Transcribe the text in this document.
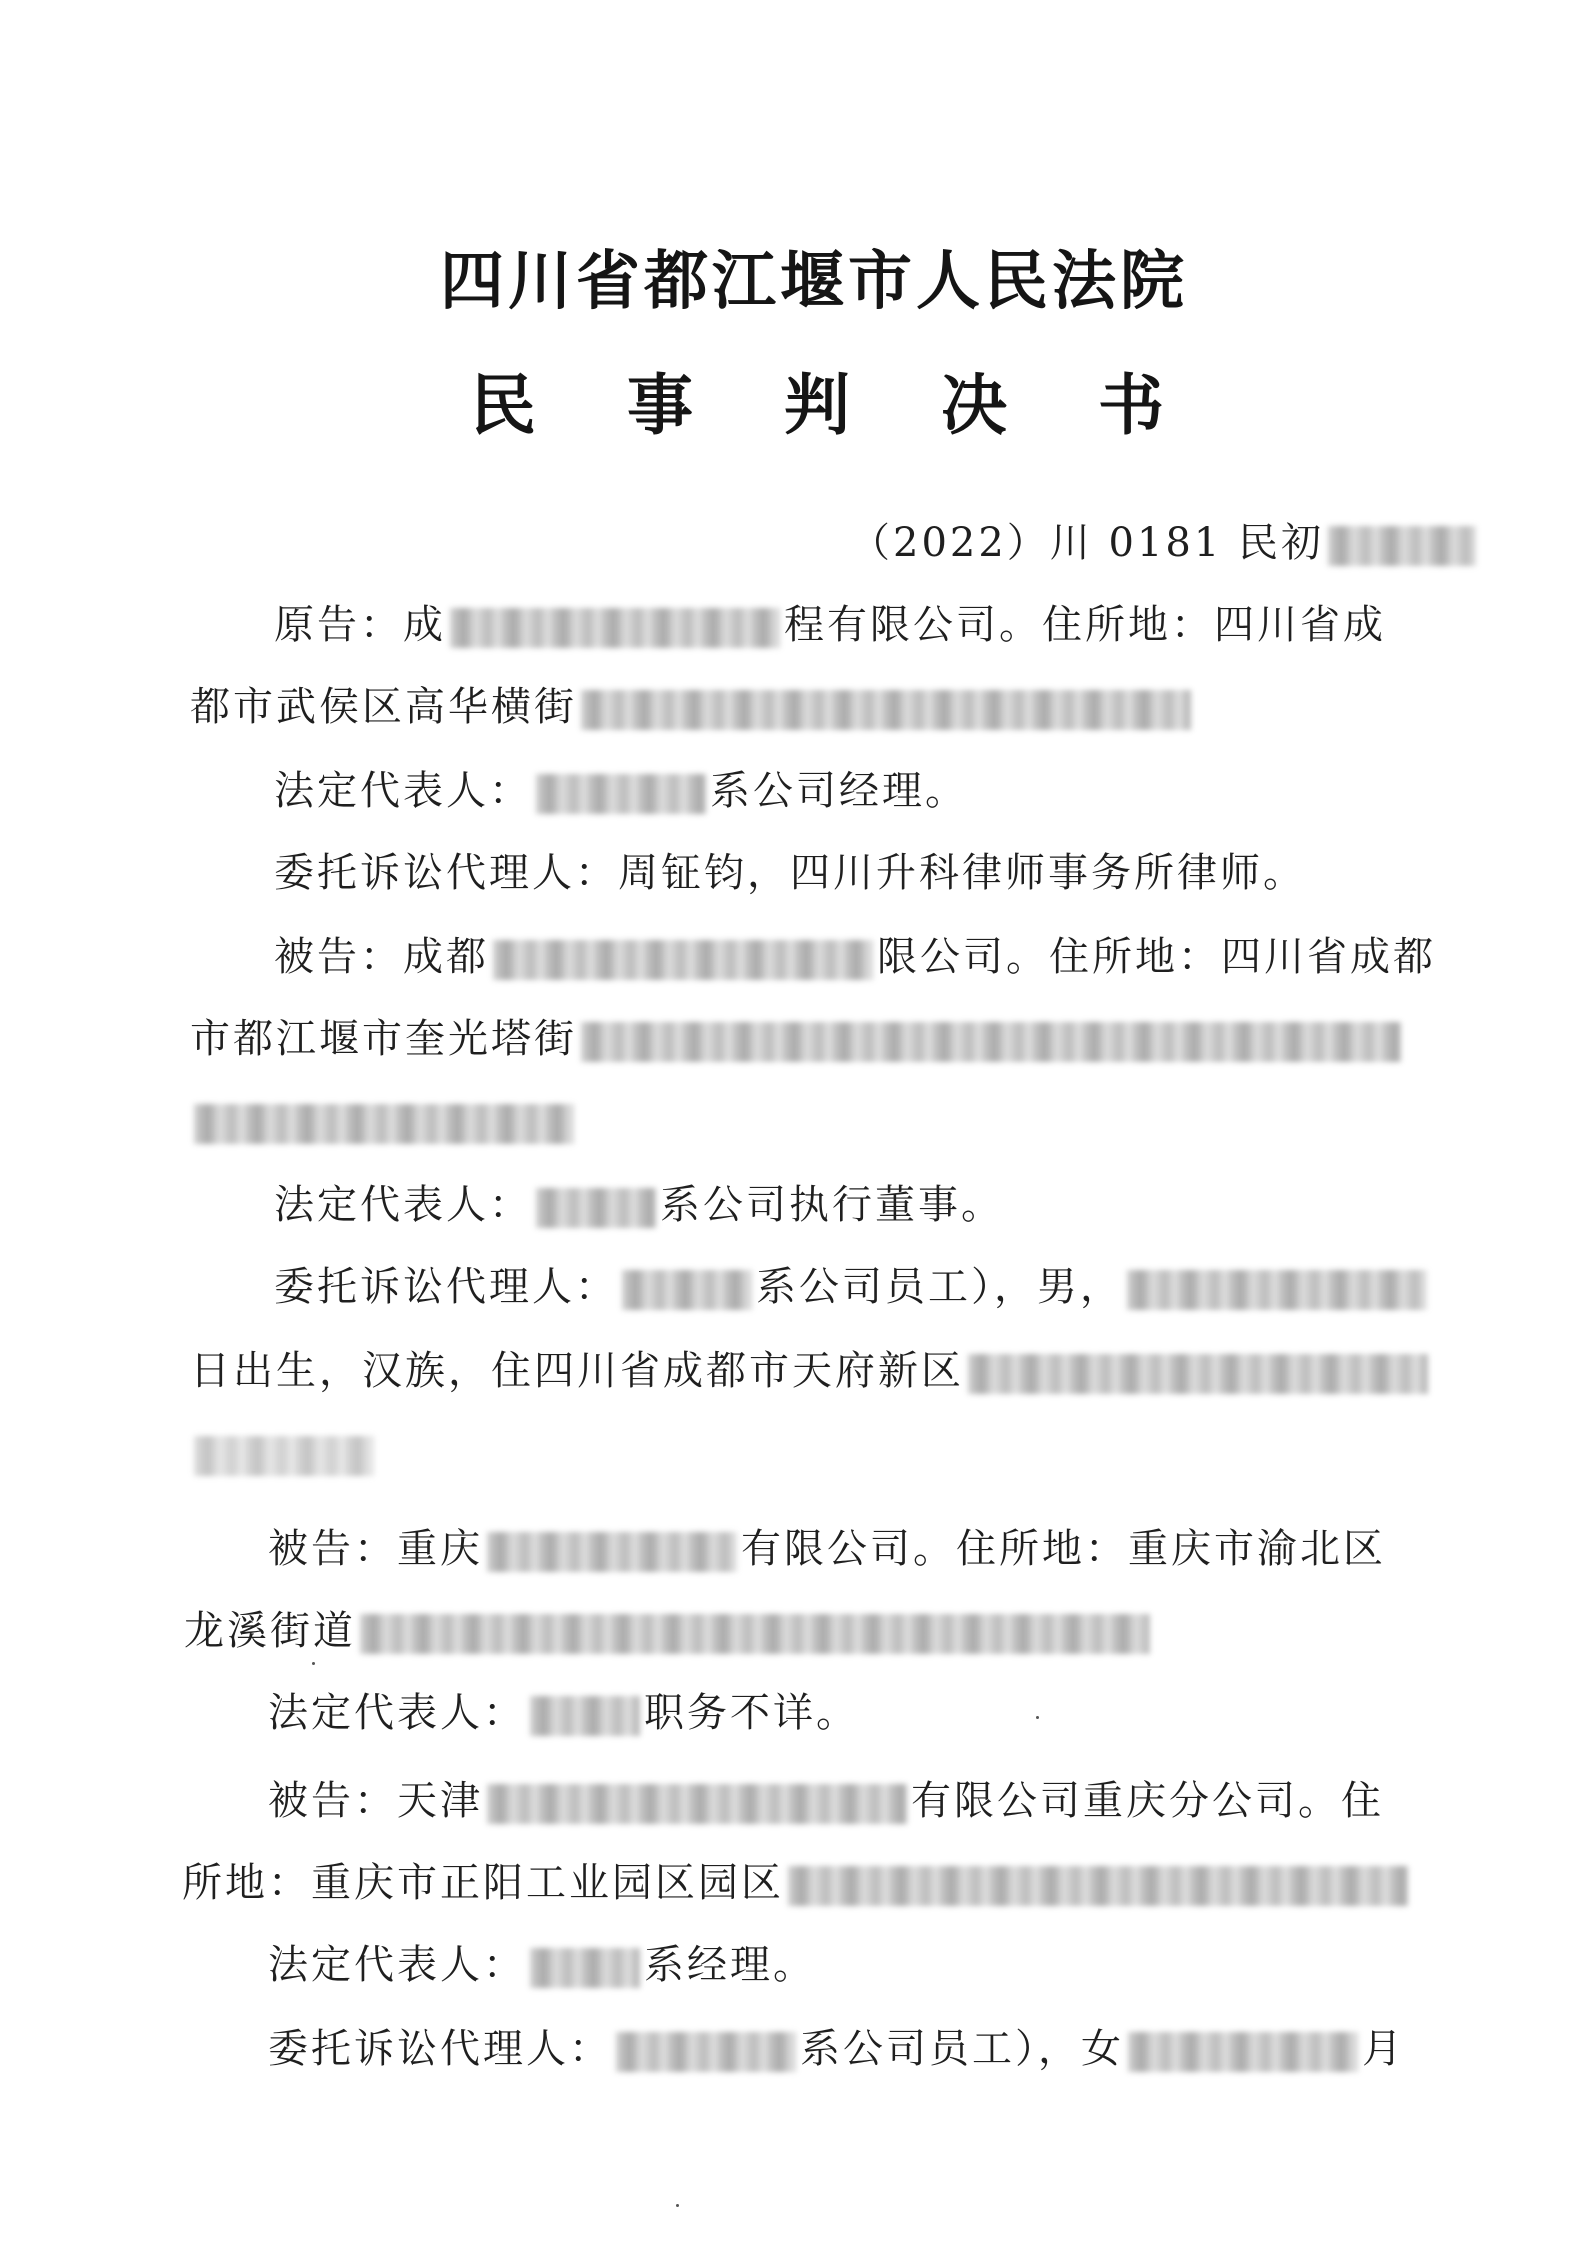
四川省都江堰市人民法院
民 事 判 决 书
（2022）川 0181 民初
原告：成	程有限公司。住所地：四川省成
都市武侯区高华横街
法定代表人：	系公司经理。
委托诉讼代理人：周钲钧，四川升科律师事务所律师。
被告：成都	限公司。住所地：四川省成都
市都江堰市奎光塔街
法定代表人：	系公司执行董事。
委托诉讼代理人：	系公司员工），男，
日出生，汉族，住四川省成都市天府新区
被告：重庆	有限公司。住所地：重庆市渝北区
龙溪街道
法定代表人：	职务不详。
被告：天津	有限公司重庆分公司。住
所地：重庆市正阳工业园区园区
法定代表人：	系经理。
委托诉讼代理人：	系公司员工），女	月
